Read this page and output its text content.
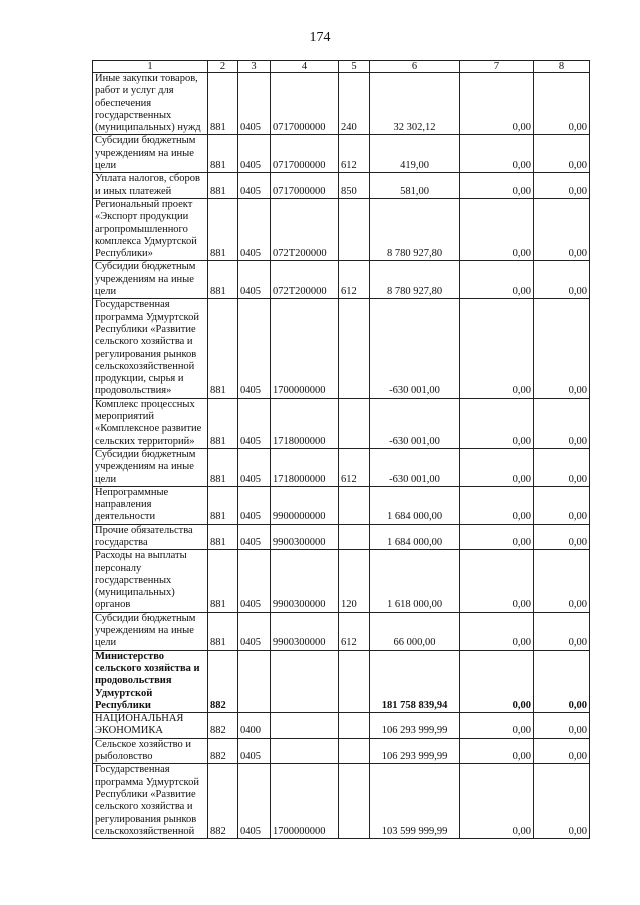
174
1	2	3	4	5	6	7	8
Иные закупки товаров, работ и услуг для обеспечения государственных (муниципальных) нужд	881	0405	0717000000	240	32 302,12	0,00	0,00
Субсидии бюджетным учреждениям на иные цели	881	0405	0717000000	612	419,00	0,00	0,00
Уплата налогов, сборов и иных платежей	881	0405	0717000000	850	581,00	0,00	0,00
Региональный проект «Экспорт продукции агропромышленного комплекса Удмуртской Республики»	881	0405	072Т200000		8 780 927,80	0,00	0,00
Субсидии бюджетным учреждениям на иные цели	881	0405	072Т200000	612	8 780 927,80	0,00	0,00
Государственная программа Удмуртской Республики «Развитие сельского хозяйства и регулирования рынков сельскохозяйственной продукции, сырья и продовольствия»	881	0405	1700000000		-630 001,00	0,00	0,00
Комплекс процессных мероприятий «Комплексное развитие сельских территорий»	881	0405	1718000000		-630 001,00	0,00	0,00
Субсидии бюджетным учреждениям на иные цели	881	0405	1718000000	612	-630 001,00	0,00	0,00
Непрограммные направления деятельности	881	0405	9900000000		1 684 000,00	0,00	0,00
Прочие обязательства государства	881	0405	9900300000		1 684 000,00	0,00	0,00
Расходы на выплаты персоналу государственных (муниципальных) органов	881	0405	9900300000	120	1 618 000,00	0,00	0,00
Субсидии бюджетным учреждениям на иные цели	881	0405	9900300000	612	66 000,00	0,00	0,00
Министерство сельского хозяйства и продовольствия Удмуртской Республики	882				181 758 839,94	0,00	0,00
НАЦИОНАЛЬНАЯ ЭКОНОМИКА	882	0400			106 293 999,99	0,00	0,00
Сельское хозяйство и рыболовство	882	0405			106 293 999,99	0,00	0,00
Государственная программа Удмуртской Республики «Развитие сельского хозяйства и регулирования рынков сельскохозяйственной	882	0405	1700000000		103 599 999,99	0,00	0,00
